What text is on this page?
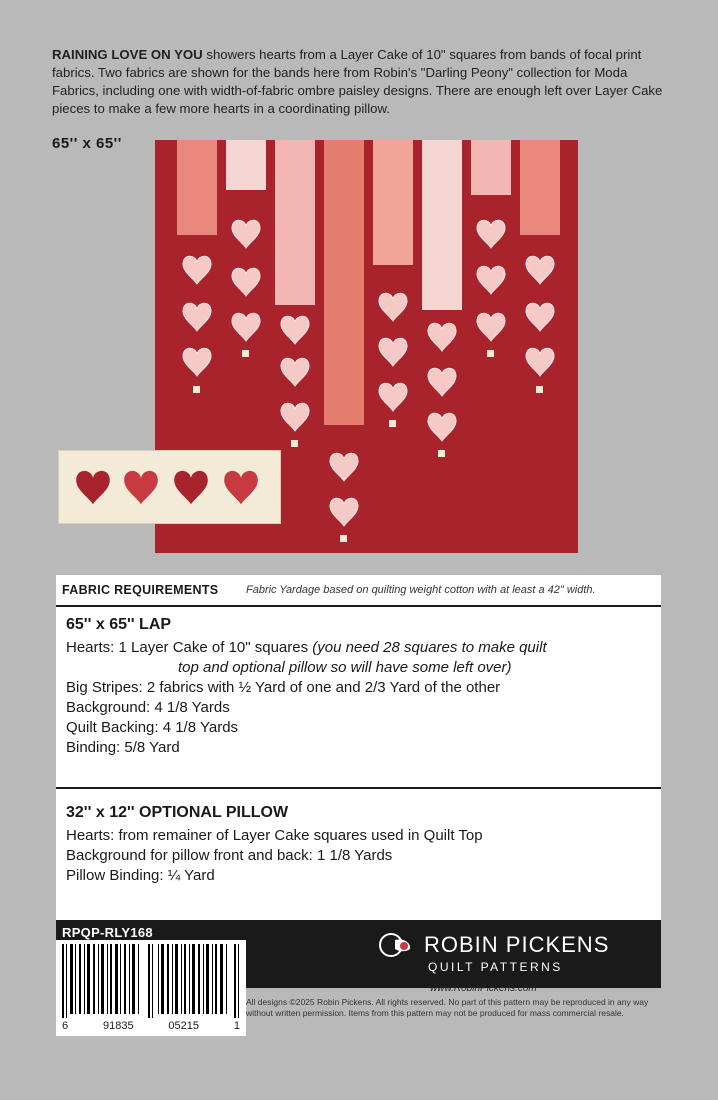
RAINING LOVE ON YOU showers hearts from a Layer Cake of 10" squares from bands of focal print fabrics. Two fabrics are shown for the bands here from Robin's "Darling Peony" collection for Moda Fabrics, including one with width-of-fabric ombre paisley designs. There are enough left over Layer Cake pieces to make a few more hearts in a coordinating pillow.
65'' x 65''
FABRIC REQUIREMENTS	Fabric Yardage based on quilting weight cotton with at least a 42" width.
65'' x 65'' LAP
Hearts: 1 Layer Cake of 10" squares (you need 28 squares to make quilt
top and optional pillow so will have some left over)
Big Stripes: 2 fabrics with ½ Yard of one and 2/3 Yard of the other
Background: 4 1/8 Yards
Quilt Backing: 4 1/8 Yards
Binding: 5/8 Yard
32'' x 12'' OPTIONAL PILLOW
Hearts: from remainer of Layer Cake squares used in Quilt Top
Background for pillow front and back: 1 1/8 Yards
Pillow Binding: ¼ Yard
RPQP-RLY168	ROBIN PICKENS
QUILT PATTERNS
6	91835	05215	1
www.RobinPickens.com
All designs ©2025 Robin Pickens. All rights reserved. No part of this pattern may be reproduced in any way without written permission. Items from this pattern may not be produced for mass commercial resale.
